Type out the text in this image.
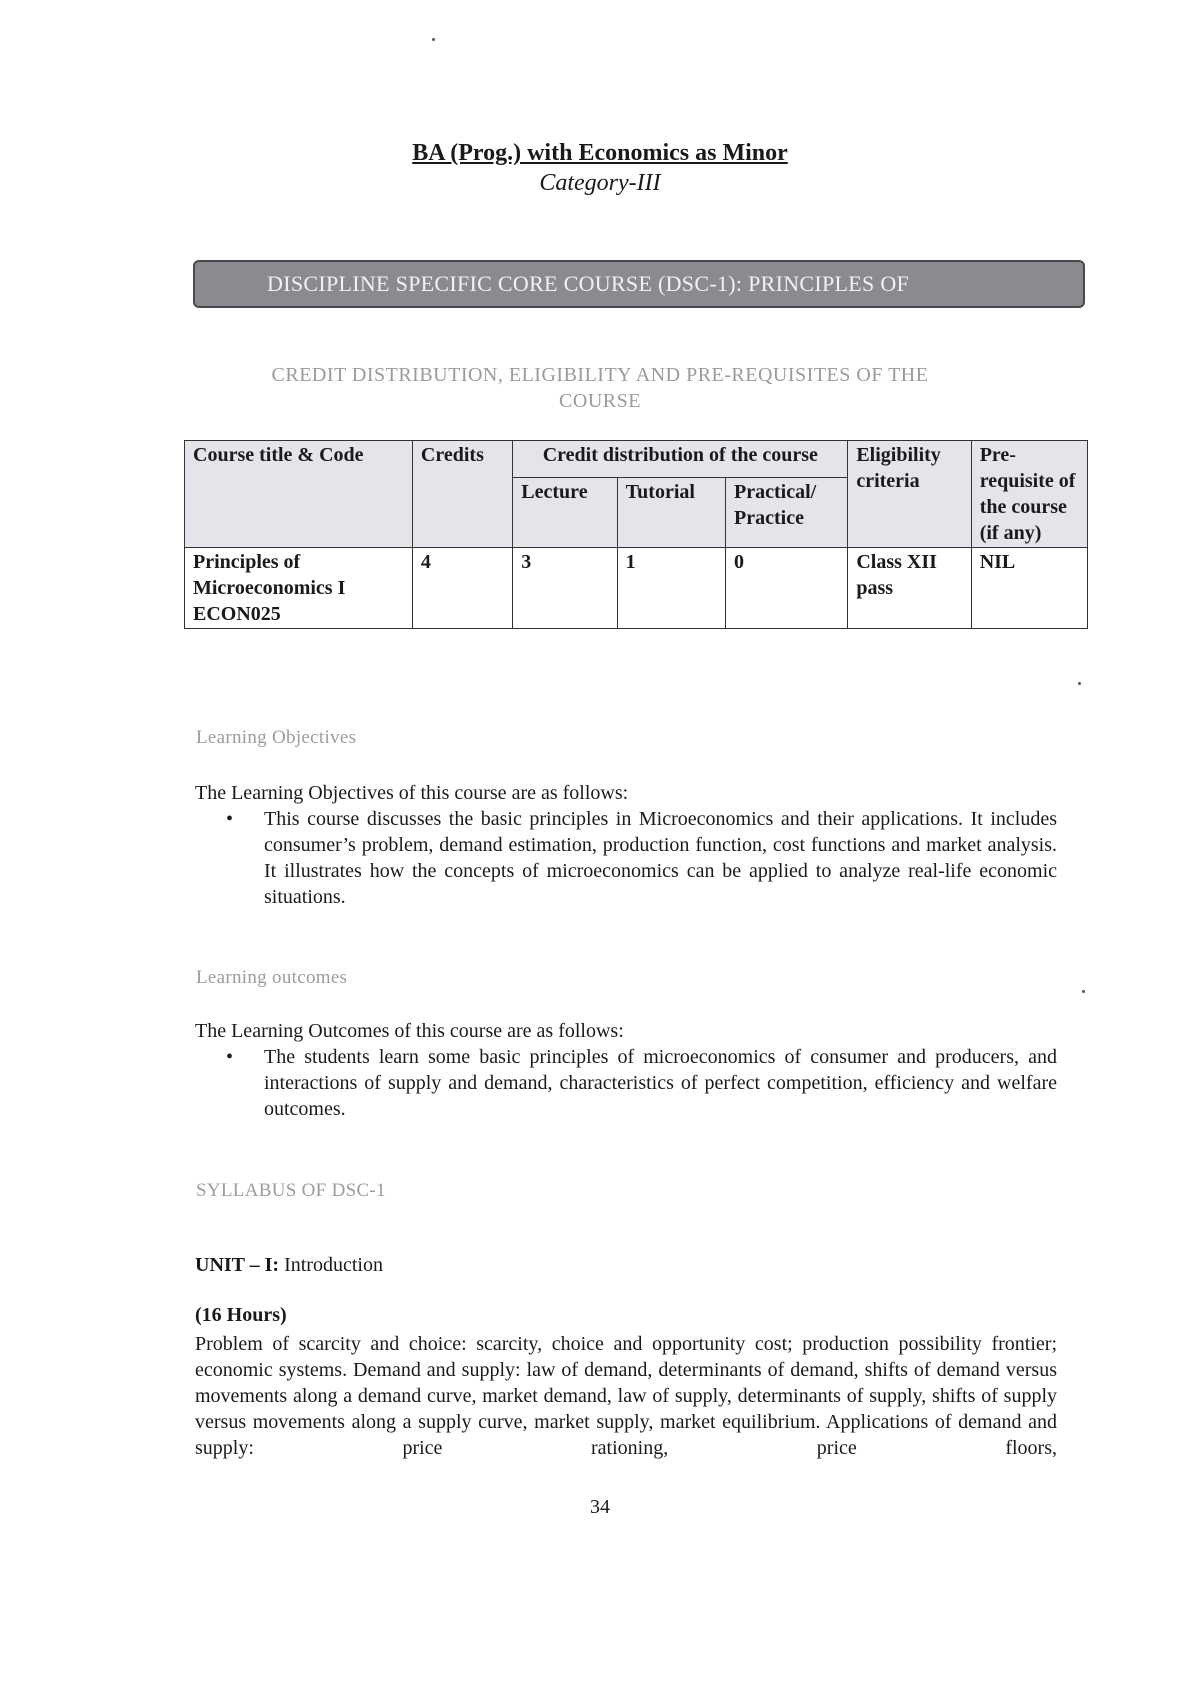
BA (Prog.) with Economics as Minor
Category-III
DISCIPLINE SPECIFIC CORE COURSE (DSC-1): PRINCIPLES OF
CREDIT DISTRIBUTION, ELIGIBILITY AND PRE-REQUISITES OF THE
COURSE
Course title & Code	Credits	Credit distribution of the course			Eligibility criteria	Pre-requisite of the course (if any)
		Lecture	Tutorial	Practical/ Practice		
Principles of Microeconomics I ECON025	4	3	1	0	Class XII pass	NIL
Learning Objectives
The Learning Objectives of this course are as follows:
•	This course discusses the basic principles in Microeconomics and their applications. It includes consumer’s problem, demand estimation, production function, cost functions and market analysis. It illustrates how the concepts of microeconomics can be applied to analyze real-life economic situations.
Learning outcomes
The Learning Outcomes of this course are as follows:
•	The students learn some basic principles of microeconomics of consumer and producers, and interactions of supply and demand, characteristics of perfect competition, efficiency and welfare outcomes.
SYLLABUS OF DSC-1
UNIT – I: Introduction
(16 Hours)
Problem of scarcity and choice: scarcity, choice and opportunity cost; production possibility frontier; economic systems. Demand and supply: law of demand, determinants of demand, shifts of demand versus movements along a demand curve, market demand, law of supply, determinants of supply, shifts of supply versus movements along a supply curve, market supply, market equilibrium. Applications of demand and supply: price rationing, price floors,
34
